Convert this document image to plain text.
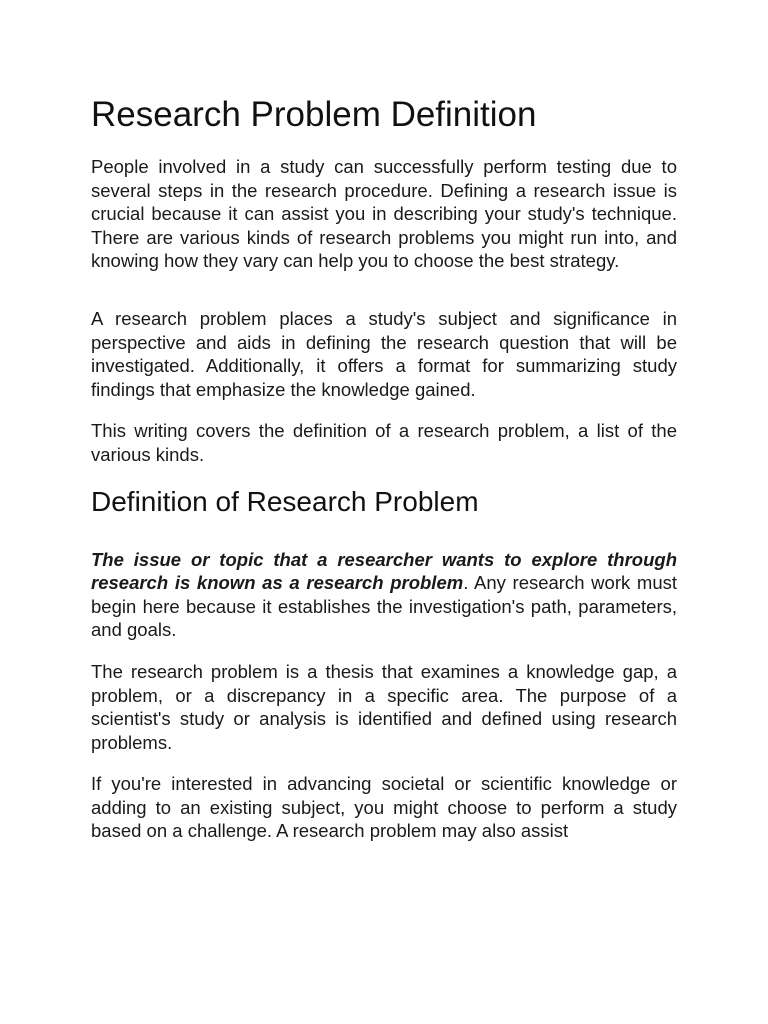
Research Problem Definition

People involved in a study can successfully perform testing due to several steps in the research procedure. Defining a research issue is crucial because it can assist you in describing your study's technique. There are various kinds of research problems you might run into, and knowing how they vary can help you to choose the best strategy.

A research problem places a study's subject and significance in perspective and aids in defining the research question that will be investigated. Additionally, it offers a format for summarizing study findings that emphasize the knowledge gained.

This writing covers the definition of a research problem, a list of the various kinds.

Definition of Research Problem

The issue or topic that a researcher wants to explore through research is known as a research problem. Any research work must begin here because it establishes the investigation's path, parameters, and goals.

The research problem is a thesis that examines a knowledge gap, a problem, or a discrepancy in a specific area. The purpose of a scientist's study or analysis is identified and defined using research problems.

If you're interested in advancing societal or scientific knowledge or adding to an existing subject, you might choose to perform a study based on a challenge. A research problem may also assist
